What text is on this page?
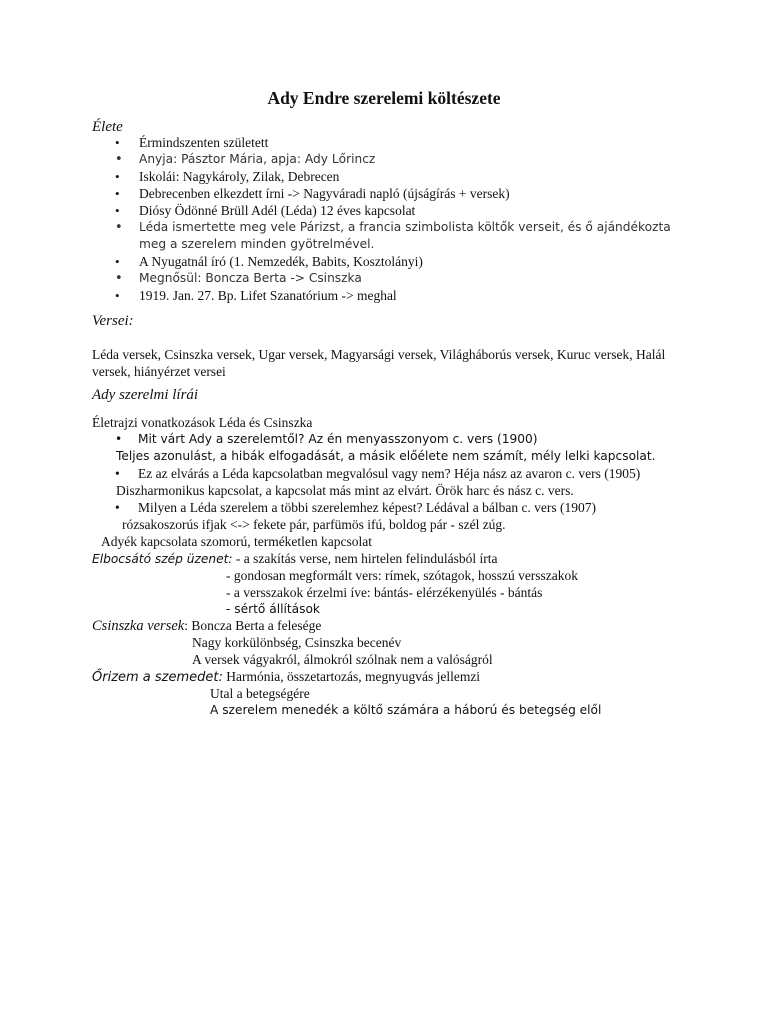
Ady Endre szerelemi költészete
Élete
• Érmindszenten született
• Anyja: Pásztor Mária, apja: Ady Lőrincz
• Iskolái: Nagykároly, Zilak, Debrecen
• Debrecenben elkezdett írni -> Nagyváradi napló (újságírás + versek)
• Diósy Ödönné Brüll Adél (Léda) 12 éves kapcsolat
• Léda ismertette meg vele Párizst, a francia szimbolista költők verseit, és ő ajándékozta meg a szerelem minden gyötrelmével.
• A Nyugatnál író (1. Nemzedék, Babits, Kosztolányi)
• Megnősül: Boncza Berta -> Csinszka
• 1919. Jan. 27. Bp. Lifet Szanatórium -> meghal
Versei:
Léda versek, Csinszka versek, Ugar versek, Magyarsági versek, Világháborús versek, Kuruc versek, Halál versek, hiányérzet versei
Ady szerelmi lírái
Életrajzi vonatkozások Léda és Csinszka
• Mit várt Ady a szerelemtől? Az én menyasszonyom c. vers (1900)
Teljes azonulást, a hibák elfogadását, a másik előélete nem számít, mély lelki kapcsolat.
• Ez az elvárás a Léda kapcsolatban megvalósul vagy nem? Héja nász az avaron c. vers (1905)
Diszharmonikus kapcsolat, a kapcsolat más mint az elvárt. Örök harc és nász c. vers.
• Milyen a Léda szerelem a többi szerelemhez képest? Lédával a bálban c. vers (1907)
rózsakoszorús ifjak <-> fekete pár, parfümös ifú, boldog pár - szél zúg.
Adyék kapcsolata szomorú, terméketlen kapcsolat
Elbocsátó szép üzenet: - a szakítás verse, nem hirtelen felindulásból írta
- gondosan megformált vers: rímek, szótagok, hosszú versszakok
- a versszakok érzelmi íve: bántás- elérzékenyülés - bántás
- sértő állítások
Csinszka versek: Boncza Berta a felesége
Nagy korkülönbség, Csinszka becenév
A versek vágyakról, álmokról szólnak nem a valóságról
Őrizem a szemedet: Harmónia, összetartozás, megnyugvás jellemzi
Utal a betegségére
A szerelem menedék a költő számára a háború és betegség elől
